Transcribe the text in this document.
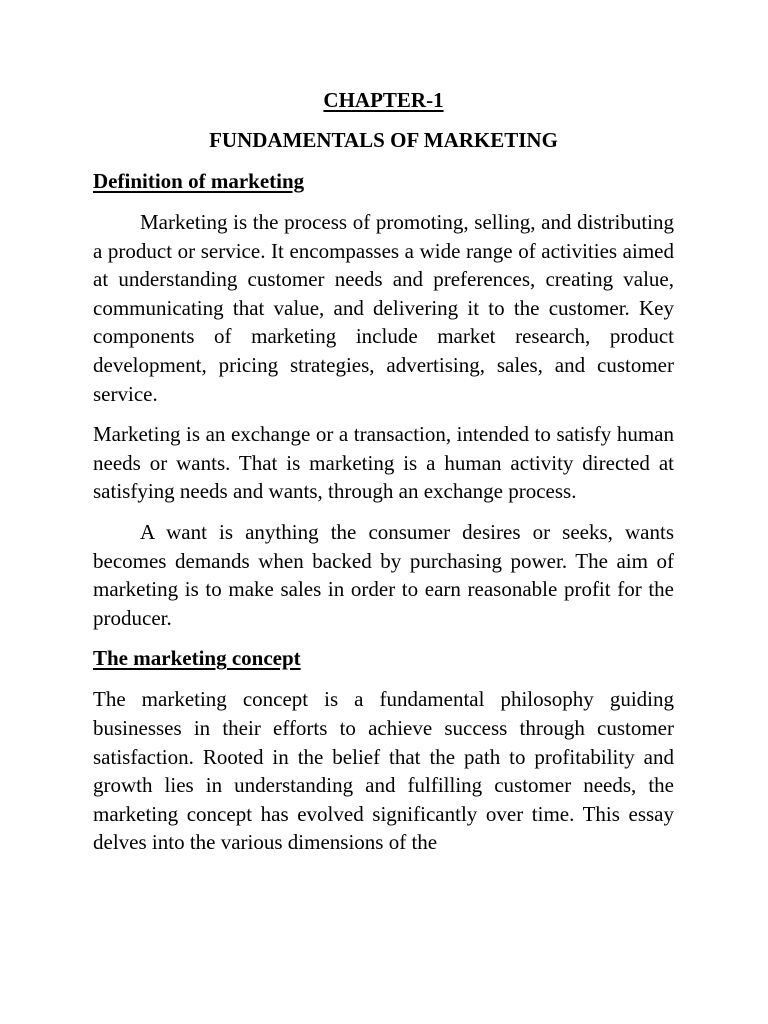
CHAPTER-1
FUNDAMENTALS OF MARKETING
Definition of marketing

Marketing is the process of promoting, selling, and distributing a product or service. It encompasses a wide range of activities aimed at understanding customer needs and preferences, creating value, communicating that value, and delivering it to the customer. Key components of marketing include market research, product development, pricing strategies, advertising, sales, and customer service.

Marketing is an exchange or a transaction, intended to satisfy human needs or wants. That is marketing is a human activity directed at satisfying needs and wants, through an exchange process.

A want is anything the consumer desires or seeks, wants becomes demands when backed by purchasing power. The aim of marketing is to make sales in order to earn reasonable profit for the producer.

The marketing concept

The marketing concept is a fundamental philosophy guiding businesses in their efforts to achieve success through customer satisfaction. Rooted in the belief that the path to profitability and growth lies in understanding and fulfilling customer needs, the marketing concept has evolved significantly over time. This essay delves into the various dimensions of the
